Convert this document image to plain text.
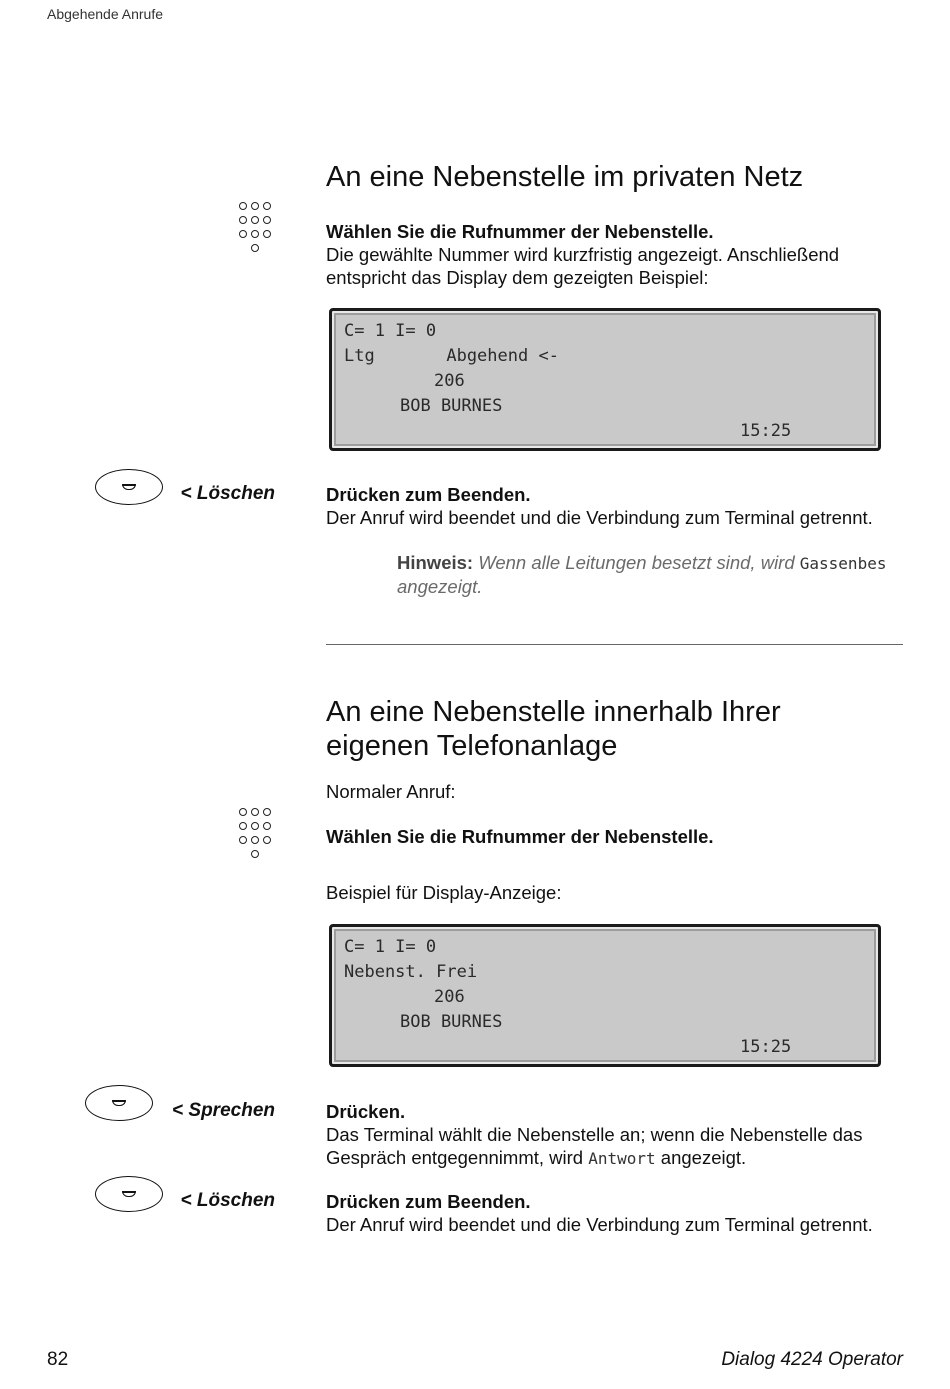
Abgehende Anrufe
An eine Nebenstelle im privaten Netz
Wählen Sie die Rufnummer der Nebenstelle.
Die gewählte Nummer wird kurzfristig angezeigt. Anschließend
entspricht das Display dem gezeigten Beispiel:
C= 1 I= 0
Ltg       Abgehend <-
206
BOB BURNES
15:25
< Löschen	Drücken zum Beenden.
Der Anruf wird beendet und die Verbindung zum Terminal getrennt.
Hinweis: Wenn alle Leitungen besetzt sind, wird Gassenbes
angezeigt.
An eine Nebenstelle innerhalb Ihrer
eigenen Telefonanlage
Normaler Anruf:
Wählen Sie die Rufnummer der Nebenstelle.
Beispiel für Display-Anzeige:
C= 1 I= 0
Nebenst. Frei
206
BOB BURNES
15:25
< Sprechen	Drücken.
Das Terminal wählt die Nebenstelle an; wenn die Nebenstelle das
Gespräch entgegennimmt, wird Antwort angezeigt.
< Löschen	Drücken zum Beenden.
Der Anruf wird beendet und die Verbindung zum Terminal getrennt.
82	Dialog 4224 Operator
